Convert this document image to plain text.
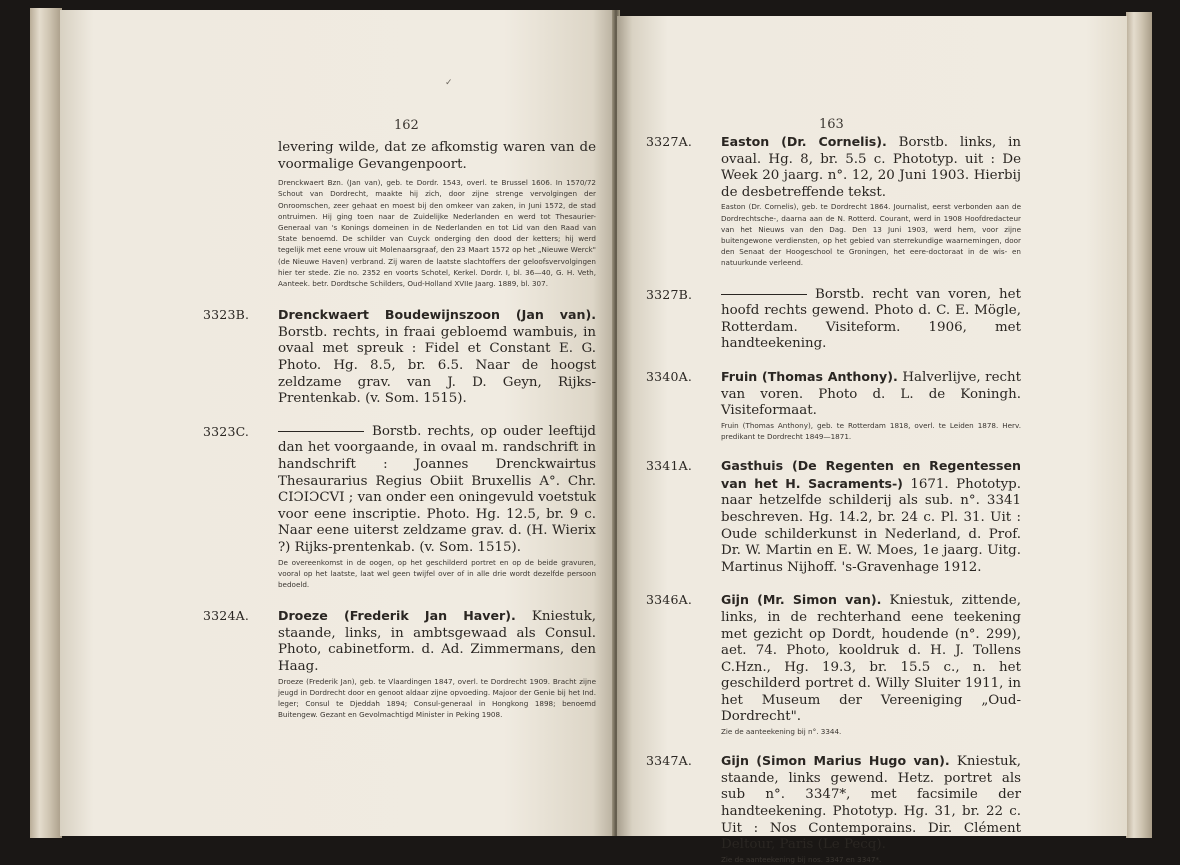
✓
162

levering wilde, dat ze afkomstig waren van de voormalige Gevangenpoort.

Drenckwaert Bzn. (Jan van), geb. te Dordr. 1543, overl. te Brussel 1606. In 1570/72 Schout van Dordrecht, maakte hij zich, door zijne strenge vervolgingen der Onroomschen, zeer gehaat en moest bij den omkeer van zaken, in Juni 1572, de stad ontruimen. Hij ging toen naar de Zuidelijke Nederlanden en werd tot Thesaurier-Generaal van 's Konings domeinen in de Nederlanden en tot Lid van den Raad van State benoemd. De schilder van Cuyck onderging den dood der ketters; hij werd tegelijk met eene vrouw uit Molenaarsgraaf, den 23 Maart 1572 op het „Nieuwe Werck" (de Nieuwe Haven) verbrand. Zij waren de laatste slachtoffers der geloofsvervolgingen hier ter stede. Zie no. 2352 en voorts Schotel, Kerkel. Dordr. I, bl. 36—40, G. H. Veth, Aanteek. betr. Dordtsche Schilders, Oud-Holland XVIIe Jaarg. 1889, bl. 307.

3323B.	Drenckwaert Boudewijnszoon (Jan van). Borstb. rechts, in fraai gebloemd wambuis, in ovaal met spreuk : Fidel et Constant E. G. Photo. Hg. 8.5, br. 6.5. Naar de hoogst zeldzame grav. van J. D. Geyn, Rijks-Prentenkab. (v. Som. 1515).

3323C.	Borstb. rechts, op ouder leeftijd dan het voorgaande, in ovaal m. randschrift in handschrift : Joannes Drenckwairtus Thesaurarius Regius Obiit Bruxellis A°. Chr. CIƆIƆCVI ; van onder een oningevuld voetstuk voor eene inscriptie. Photo. Hg. 12.5, br. 9 c. Naar eene uiterst zeldzame grav. d. (H. Wierix ?) Rijks-prentenkab. (v. Som. 1515).

De overeenkomst in de oogen, op het geschilderd portret en op de beide gravuren, vooral op het laatste, laat wel geen twijfel over of in alle drie wordt dezelfde persoon bedoeld.

3324A.	Droeze (Frederik Jan Haver). Kniestuk, staande, links, in ambtsgewaad als Consul. Photo, cabinetform. d. Ad. Zimmermans, den Haag.

Droeze (Frederik Jan), geb. te Vlaardingen 1847, overl. te Dordrecht 1909. Bracht zijne jeugd in Dordrecht door en genoot aldaar zijne opvoeding. Majoor der Genie bij het Ind. leger; Consul te Djeddah 1894; Consul-generaal in Hongkong 1898; benoemd Buitengew. Gezant en Gevolmachtigd Minister in Peking 1908.

163
3327A.	Easton (Dr. Cornelis). Borstb. links, in ovaal. Hg. 8, br. 5.5 c. Phototyp. uit : De Week 20 jaarg. n°. 12, 20 Juni 1903. Hierbij de desbetreffende tekst.

Easton (Dr. Cornelis), geb. te Dordrecht 1864. Journalist, eerst verbonden aan de Dordrechtsche-, daarna aan de N. Rotterd. Courant, werd in 1908 Hoofdredacteur van het Nieuws van den Dag. Den 13 Juni 1903, werd hem, voor zijne buitengewone verdiensten, op het gebied van sterrekundige waarnemingen, door den Senaat der Hoogeschool te Groningen, het eere-doctoraat in de wis- en natuurkunde verleend.

3327B.	Borstb. recht van voren, het hoofd rechts gewend. Photo d. C. E. Mögle, Rotterdam. Visiteform. 1906, met handteekening.

3340A.	Fruin (Thomas Anthony). Halverlijve, recht van voren. Photo d. L. de Koningh. Visiteformaat.

Fruin (Thomas Anthony), geb. te Rotterdam 1818, overl. te Leiden 1878. Herv. predikant te Dordrecht 1849—1871.

3341A.	Gasthuis (De Regenten en Regentessen van het H. Sacraments-) 1671. Phototyp. naar hetzelfde schilderij als sub. n°. 3341 beschreven. Hg. 14.2, br. 24 c. Pl. 31. Uit : Oude schilderkunst in Nederland, d. Prof. Dr. W. Martin en E. W. Moes, 1e jaarg. Uitg. Martinus Nijhoff. 's-Gravenhage 1912.

3346A.	Gijn (Mr. Simon van). Kniestuk, zittende, links, in de rechterhand eene teekening met gezicht op Dordt, houdende (n°. 299), aet. 74. Photo, kooldruk d. H. J. Tollens C.Hzn., Hg. 19.3, br. 15.5 c., n. het geschilderd portret d. Willy Sluiter 1911, in het Museum der Vereeniging „Oud-Dordrecht".

Zie de aanteekening bij n°. 3344.

3347A.	Gijn (Simon Marius Hugo van). Kniestuk, staande, links gewend. Hetz. portret als sub n°. 3347*, met facsimile der handteekening. Phototyp. Hg. 31, br. 22 c. Uit : Nos Contemporains. Dir. Clément Deltour, Paris (Le Pecq).

Zie de aanteekening bij nos. 3347 en 3347*.
